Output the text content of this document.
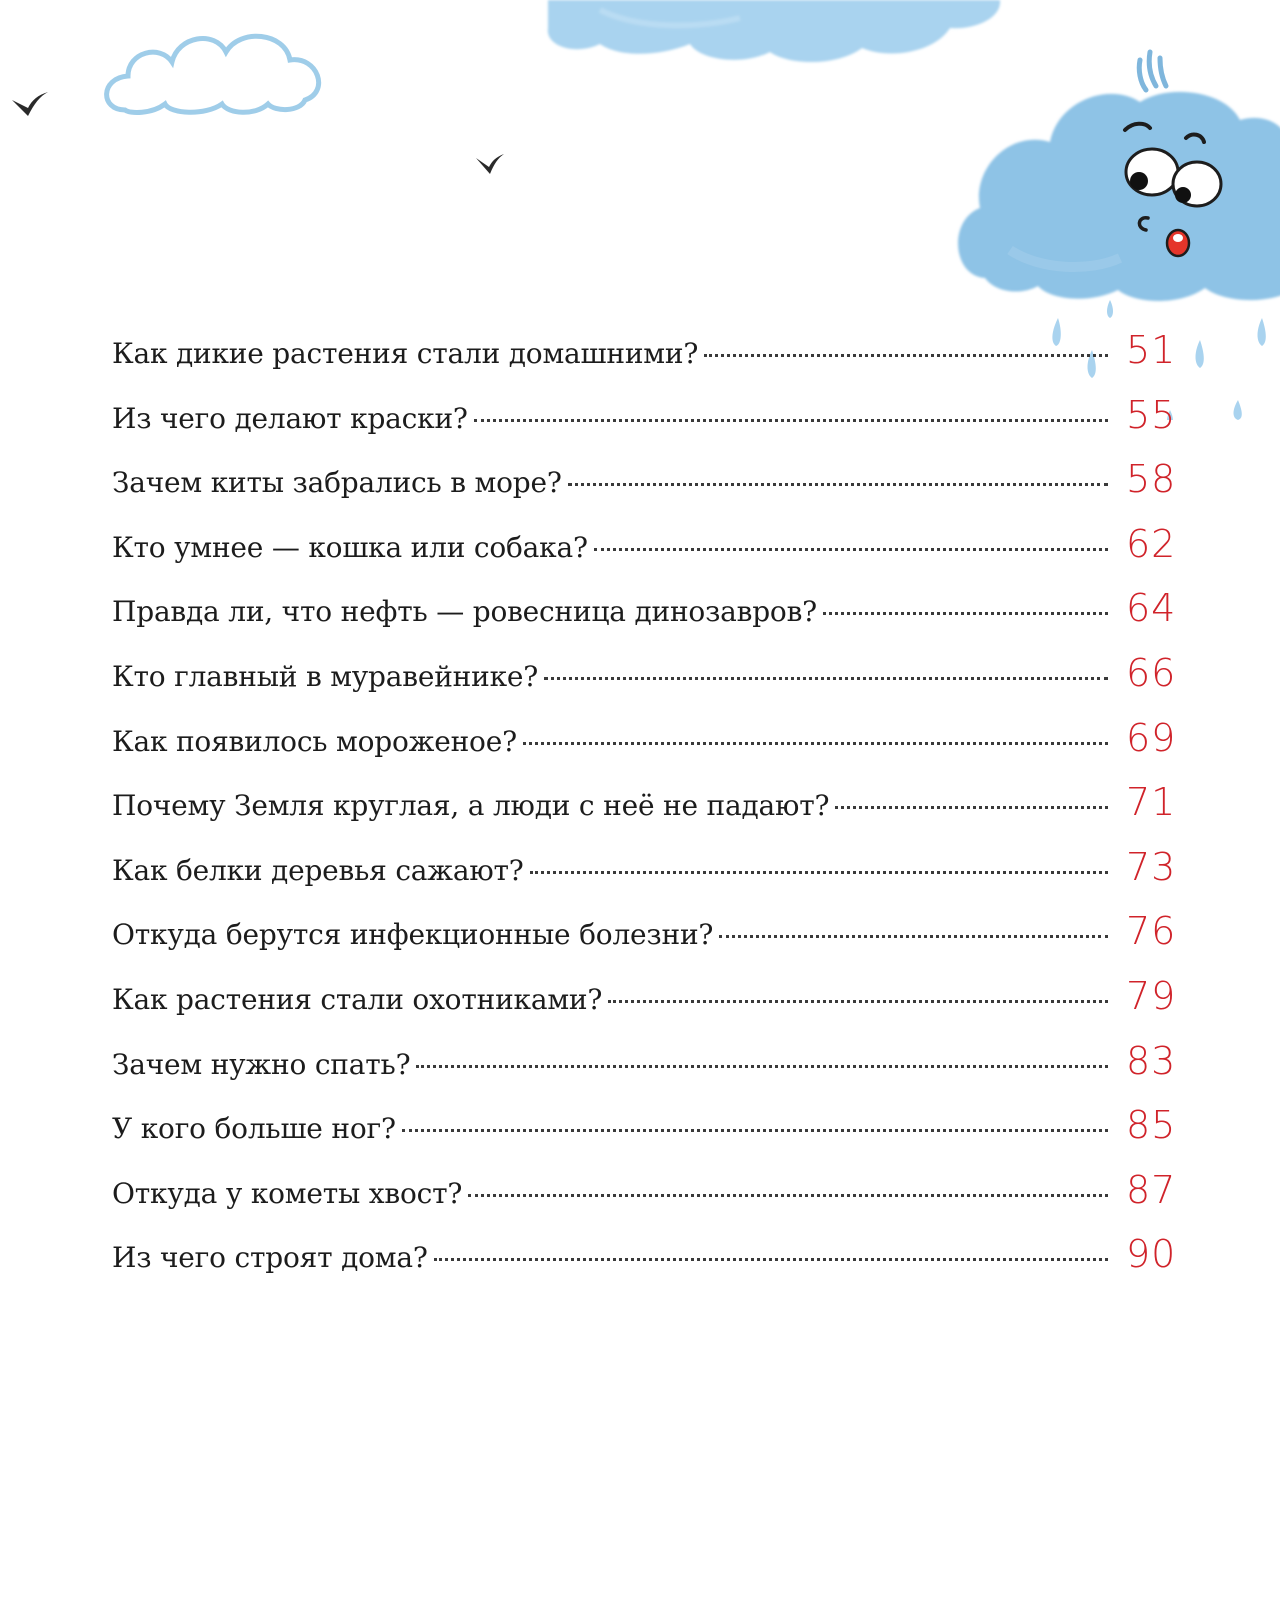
Как дикие растения стали домашними?	51
Из чего делают краски?	55
Зачем киты забрались в море?	58
Кто умнее — кошка или собака?	62
Правда ли, что нефть — ровесница динозавров?	64
Кто главный в муравейнике?	66
Как появилось мороженое?	69
Почему Земля круглая, а люди с неё не падают?	71
Как белки деревья сажают?	73
Откуда берутся инфекционные болезни?	76
Как растения стали охотниками?	79
Зачем нужно спать?	83
У кого больше ног?	85
Откуда у кометы хвост?	87
Из чего строят дома?	90
